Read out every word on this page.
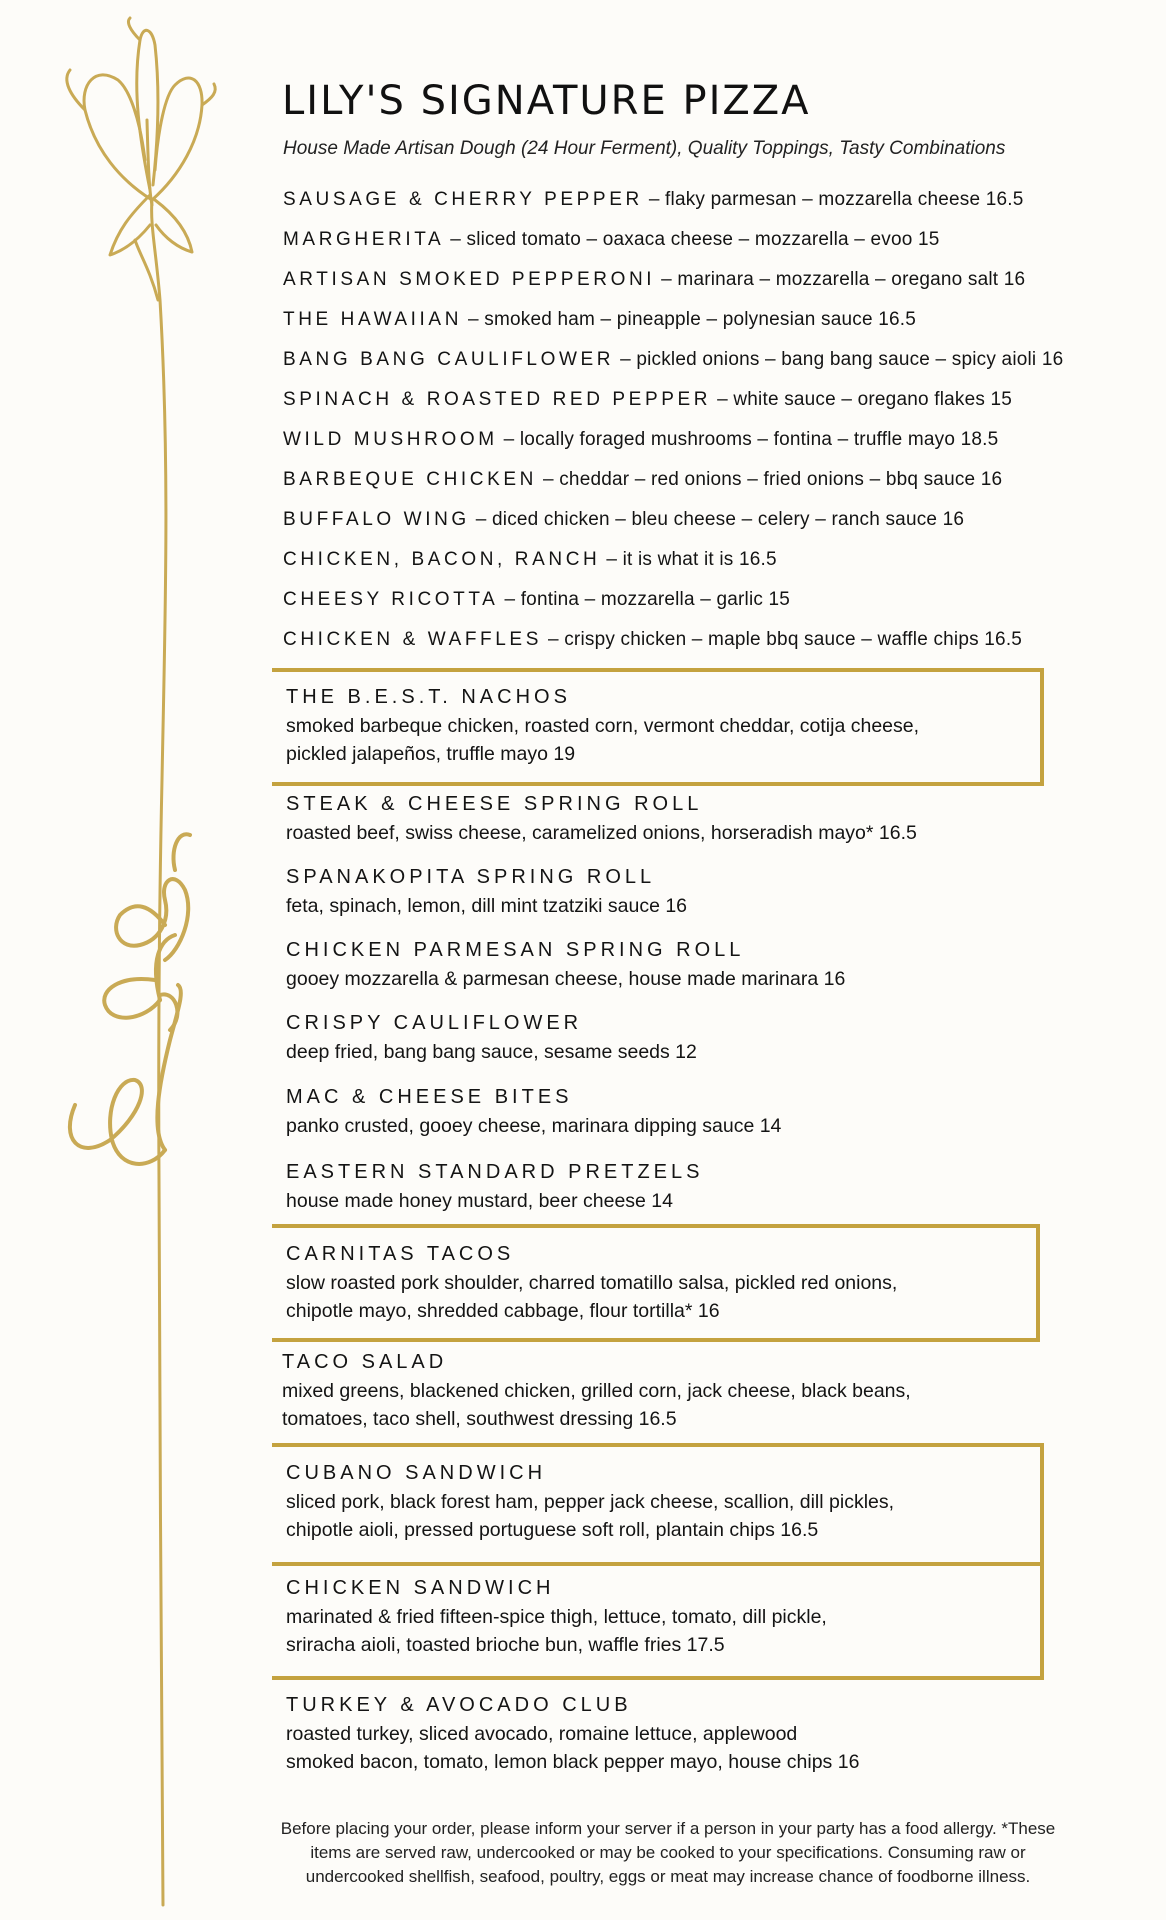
LILY'S SIGNATURE PIZZA
House Made Artisan Dough (24 Hour Ferment), Quality Toppings, Tasty Combinations
SAUSAGE & CHERRY PEPPER – flaky parmesan – mozzarella cheese 16.5
MARGHERITA – sliced tomato – oaxaca cheese – mozzarella – evoo 15
ARTISAN SMOKED PEPPERONI – marinara – mozzarella – oregano salt 16
THE HAWAIIAN – smoked ham – pineapple – polynesian sauce 16.5
BANG BANG CAULIFLOWER – pickled onions – bang bang sauce – spicy aioli 16
SPINACH & ROASTED RED PEPPER – white sauce – oregano flakes 15
WILD MUSHROOM – locally foraged mushrooms – fontina – truffle mayo 18.5
BARBEQUE CHICKEN – cheddar – red onions – fried onions – bbq sauce 16
BUFFALO WING – diced chicken – bleu cheese – celery – ranch sauce 16
CHICKEN, BACON, RANCH – it is what it is 16.5
CHEESY RICOTTA – fontina – mozzarella – garlic 15
CHICKEN & WAFFLES – crispy chicken – maple bbq sauce – waffle chips 16.5
THE B.E.S.T. NACHOS
smoked barbeque chicken, roasted corn, vermont cheddar, cotija cheese,
pickled jalapeños, truffle mayo 19
STEAK & CHEESE SPRING ROLL
roasted beef, swiss cheese, caramelized onions, horseradish mayo* 16.5
SPANAKOPITA SPRING ROLL
feta, spinach, lemon, dill mint tzatziki sauce 16
CHICKEN PARMESAN SPRING ROLL
gooey mozzarella & parmesan cheese, house made marinara 16
CRISPY CAULIFLOWER
deep fried, bang bang sauce, sesame seeds 12
MAC & CHEESE BITES
panko crusted, gooey cheese, marinara dipping sauce 14
EASTERN STANDARD PRETZELS
house made honey mustard, beer cheese 14
CARNITAS TACOS
slow roasted pork shoulder, charred tomatillo salsa, pickled red onions,
chipotle mayo, shredded cabbage, flour tortilla* 16
TACO SALAD
mixed greens, blackened chicken, grilled corn, jack cheese, black beans,
tomatoes, taco shell, southwest dressing 16.5
CUBANO SANDWICH
sliced pork, black forest ham, pepper jack cheese, scallion, dill pickles,
chipotle aioli, pressed portuguese soft roll, plantain chips 16.5
CHICKEN SANDWICH
marinated & fried fifteen-spice thigh, lettuce, tomato, dill pickle,
sriracha aioli, toasted brioche bun, waffle fries 17.5
TURKEY & AVOCADO CLUB
roasted turkey, sliced avocado, romaine lettuce, applewood
smoked bacon, tomato, lemon black pepper mayo, house chips 16
Before placing your order, please inform your server if a person in your party has a food allergy. *These
items are served raw, undercooked or may be cooked to your specifications. Consuming raw or
undercooked shellfish, seafood, poultry, eggs or meat may increase chance of foodborne illness.
